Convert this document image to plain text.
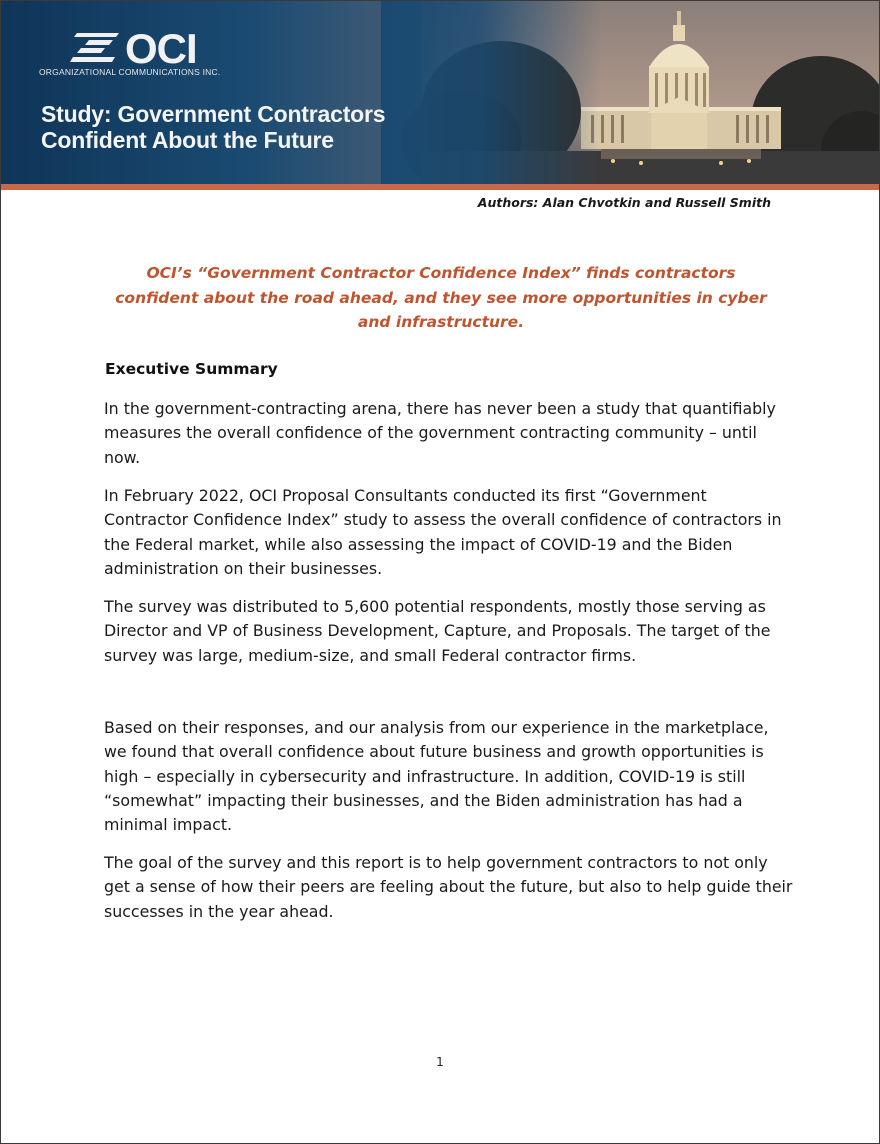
OCI
ORGANIZATIONAL COMMUNICATIONS INC.
Study: Government Contractors
Confident About the Future
Authors: Alan Chvotkin and Russell Smith
OCI’s “Government Contractor Confidence Index” finds contractors confident about the road ahead, and they see more opportunities in cyber and infrastructure.
Executive Summary

In the government-contracting arena, there has never been a study that quantifiably measures the overall confidence of the government contracting community – until now.

In February 2022, OCI Proposal Consultants conducted its first “Government Contractor Confidence Index” study to assess the overall confidence of contractors in the Federal market, while also assessing the impact of COVID-19 and the Biden administration on their businesses.

The survey was distributed to 5,600 potential respondents, mostly those serving as Director and VP of Business Development, Capture, and Proposals. The target of the survey was large, medium-size, and small Federal contractor firms.

Based on their responses, and our analysis from our experience in the marketplace, we found that overall confidence about future business and growth opportunities is high – especially in cybersecurity and infrastructure. In addition, COVID-19 is still “somewhat” impacting their businesses, and the Biden administration has had a minimal impact.

The goal of the survey and this report is to help government contractors to not only get a sense of how their peers are feeling about the future, but also to help guide their successes in the year ahead.

1
